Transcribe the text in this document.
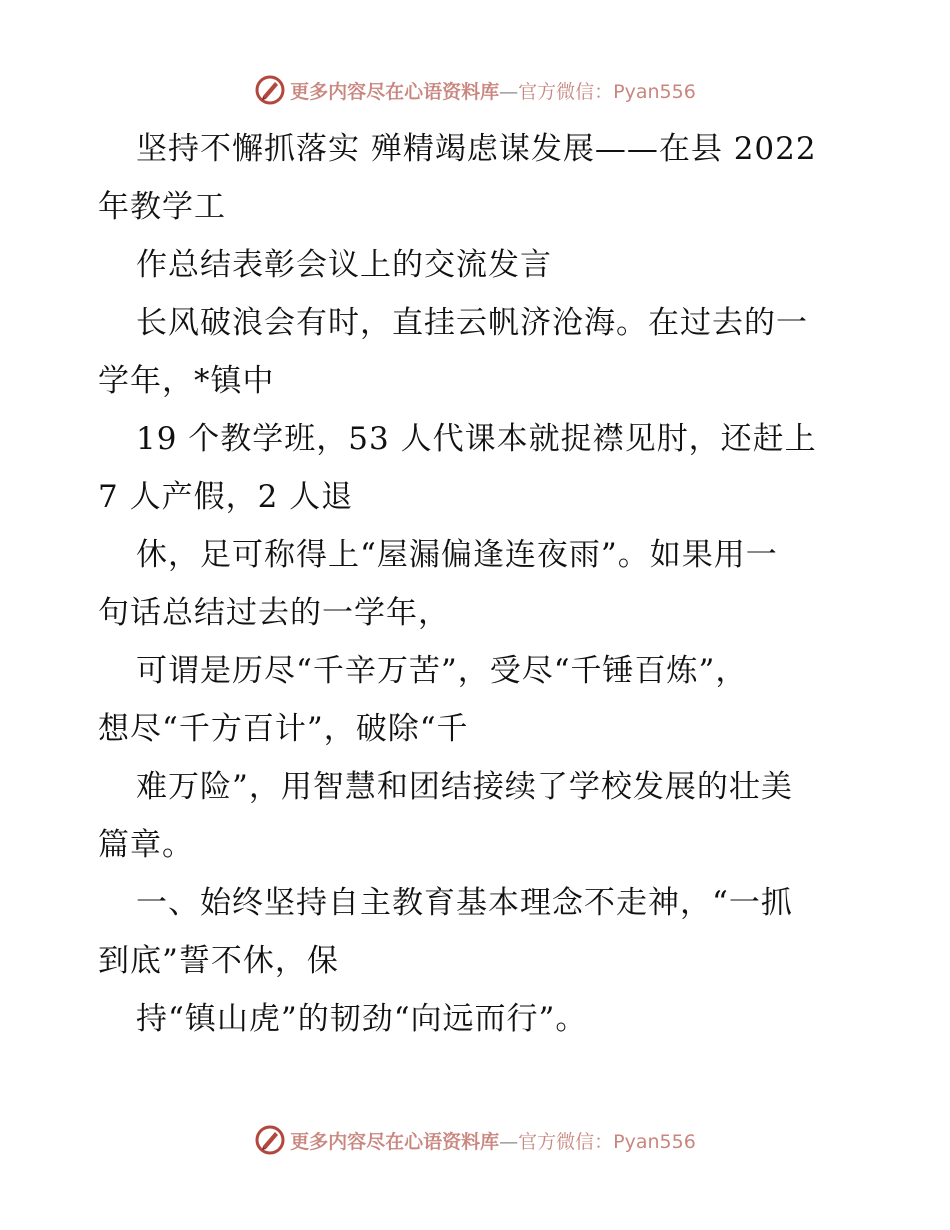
更多内容尽在心语资料库—官方微信：Pyan556
坚持不懈抓落实 殚精竭虑谋发展——在县 2022
年教学工
作总结表彰会议上的交流发言
长风破浪会有时，直挂云帆济沧海。在过去的一
学年，*镇中
19 个教学班，53 人代课本就捉襟见肘，还赶上
7 人产假，2 人退
休，足可称得上“屋漏偏逢连夜雨”。如果用一
句话总结过去的一学年，
可谓是历尽“千辛万苦”，受尽“千锤百炼”，
想尽“千方百计”，破除“千
难万险”，用智慧和团结接续了学校发展的壮美
篇章。
一、始终坚持自主教育基本理念不走神，“一抓
到底”誓不休，保
持“镇山虎”的韧劲“向远而行”。
更多内容尽在心语资料库—官方微信：Pyan556
